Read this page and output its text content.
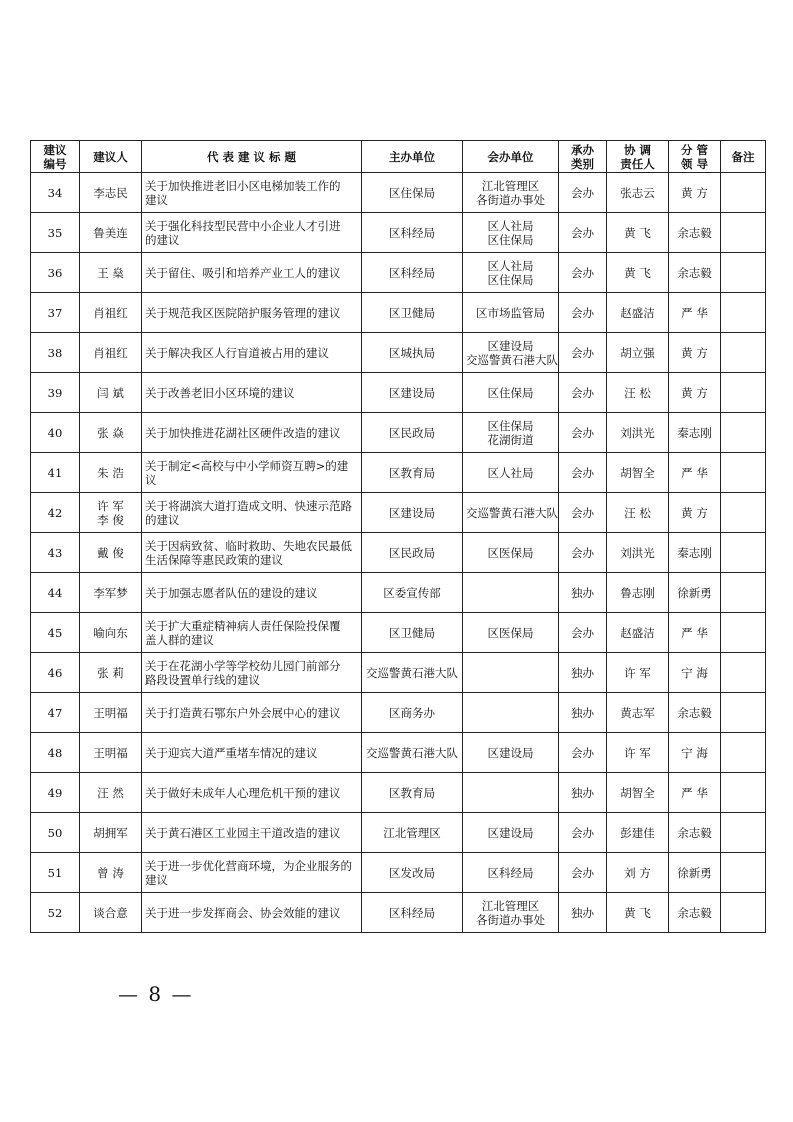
建议
编号	建议人	代 表 建 议 标 题	主办单位	会办单位	承办
类别	协 调
责任人	分 管
领 导	备注
34	李志民	关于加快推进老旧小区电梯加装工作的
建议	区住保局	江北管理区
各街道办事处	会办	张志云	黄 方	
35	鲁美连	关于强化科技型民营中小企业人才引进
的建议	区科经局	区人社局
区住保局	会办	黄 飞	余志毅	
36	王 燊	关于留住、吸引和培养产业工人的建议	区科经局	区人社局
区住保局	会办	黄 飞	余志毅	
37	肖祖红	关于规范我区医院陪护服务管理的建议	区卫健局	区市场监管局	会办	赵盛洁	严 华	
38	肖祖红	关于解决我区人行盲道被占用的建议	区城执局	区建设局
交巡警黄石港大队	会办	胡立强	黄 方	
39	闫 斌	关于改善老旧小区环境的建议	区建设局	区住保局	会办	汪 松	黄 方	
40	张 焱	关于加快推进花湖社区硬件改造的建议	区民政局	区住保局
花湖街道	会办	刘洪光	秦志刚	
41	朱 浩	关于制定<高校与中小学师资互聘>的建
议	区教育局	区人社局	会办	胡智全	严 华	
42	许 军
李 俊	关于将湖滨大道打造成文明、快速示范路
的建议	区建设局	交巡警黄石港大队	会办	汪 松	黄 方	
43	戴 俊	关于因病致贫、临时救助、失地农民最低
生活保障等惠民政策的建议	区民政局	区医保局	会办	刘洪光	秦志刚	
44	李军梦	关于加强志愿者队伍的建设的建议	区委宣传部		独办	鲁志刚	徐新勇	
45	喻向东	关于扩大重症精神病人责任保险投保覆
盖人群的建议	区卫健局	区医保局	会办	赵盛洁	严 华	
46	张 莉	关于在花湖小学等学校幼儿园门前部分
路段设置单行线的建议	交巡警黄石港大队		独办	许 军	宁 海	
47	王明福	关于打造黄石鄂东户外会展中心的建议	区商务办		独办	黄志军	余志毅	
48	王明福	关于迎宾大道严重堵车情况的建议	交巡警黄石港大队	区建设局	会办	许 军	宁 海	
49	汪 然	关于做好未成年人心理危机干预的建议	区教育局		独办	胡智全	严 华	
50	胡拥军	关于黄石港区工业园主干道改造的建议	江北管理区	区建设局	会办	彭建佳	余志毅	
51	曾 涛	关于进一步优化营商环境，为企业服务的
建议	区发改局	区科经局	会办	刘 方	徐新勇	
52	谈合意	关于进一步发挥商会、协会效能的建议	区科经局	江北管理区
各街道办事处	独办	黄 飞	余志毅	
— 8 —
